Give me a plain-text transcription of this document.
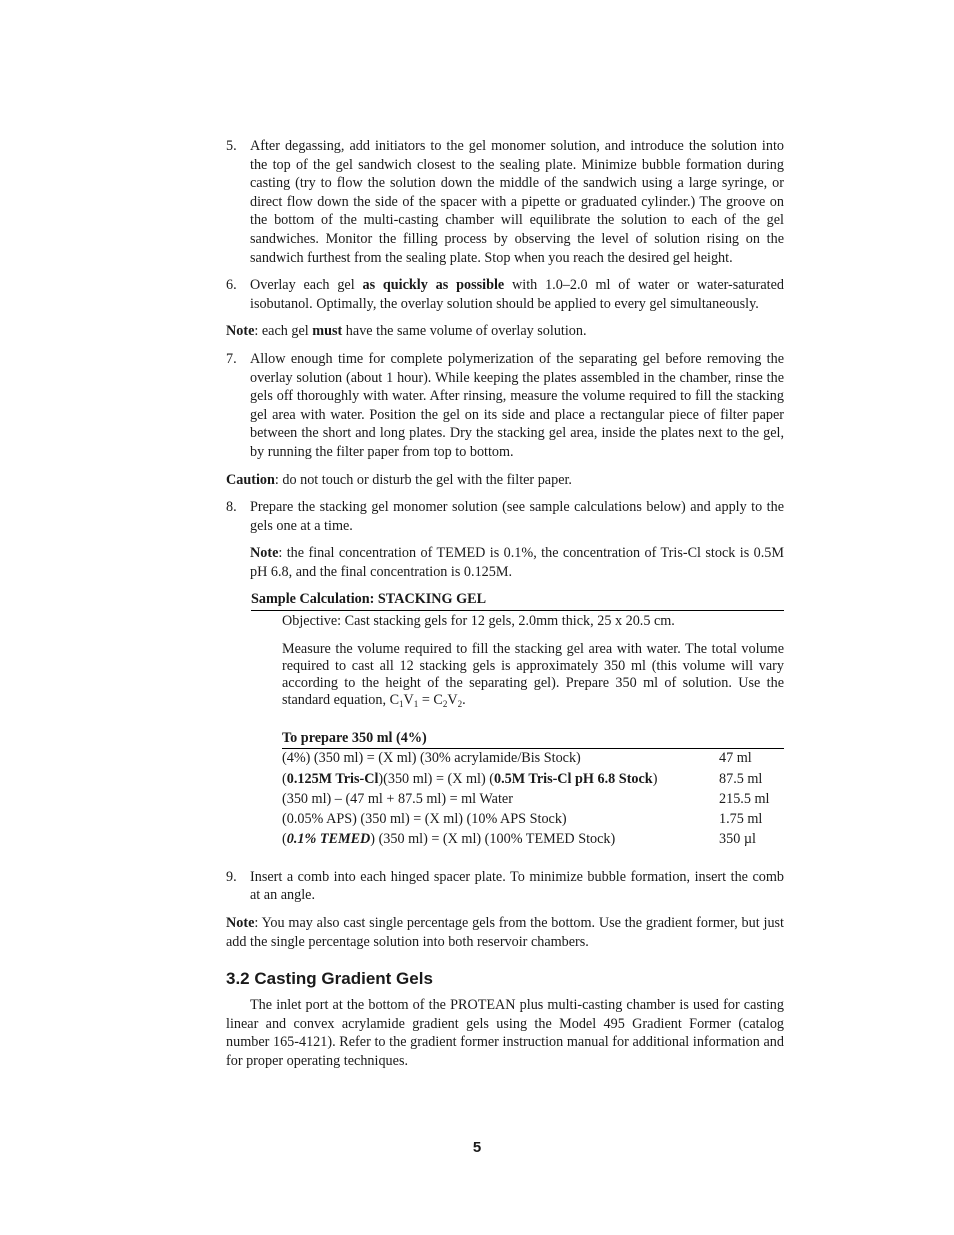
5. After degassing, add initiators to the gel monomer solution, and introduce the solution into the top of the gel sandwich closest to the sealing plate. Minimize bubble formation during casting (try to flow the solution down the middle of the sandwich using a large syringe, or direct flow down the side of the spacer with a pipette or graduated cylinder.) The groove on the bottom of the multi-casting chamber will equilibrate the solution to each of the gel sandwiches. Monitor the filling process by observing the level of solution rising on the sandwich furthest from the sealing plate. Stop when you reach the desired gel height.
6. Overlay each gel as quickly as possible with 1.0–2.0 ml of water or water-saturated isobutanol. Optimally, the overlay solution should be applied to every gel simultaneously.
Note: each gel must have the same volume of overlay solution.
7. Allow enough time for complete polymerization of the separating gel before removing the overlay solution (about 1 hour). While keeping the plates assembled in the chamber, rinse the gels off thoroughly with water. After rinsing, measure the volume required to fill the stacking gel area with water. Position the gel on its side and place a rectangular piece of filter paper between the short and long plates. Dry the stacking gel area, inside the plates next to the gel, by running the filter paper from top to bottom.
Caution: do not touch or disturb the gel with the filter paper.
8. Prepare the stacking gel monomer solution (see sample calculations below) and apply to the gels one at a time.
Note: the final concentration of TEMED is 0.1%, the concentration of Tris-Cl stock is 0.5M pH 6.8, and the final concentration is 0.125M.
Sample Calculation: STACKING GEL

Objective: Cast stacking gels for 12 gels, 2.0mm thick, 25 x 20.5 cm.

Measure the volume required to fill the stacking gel area with water. The total volume required to cast all 12 stacking gels is approximately 350 ml (this volume will vary according to the height of the separating gel). Prepare 350 ml of solution. Use the standard equation, $C_1V_1 = C_2V_2$.

To prepare 350 ml (4%)
(4%) (350 ml) = (X ml) (30% acrylamide/Bis Stock)	47 ml
(0.125M Tris-Cl)(350 ml) = (X ml) (0.5M Tris-Cl pH 6.8 Stock)	87.5 ml
(350 ml) – (47 ml + 87.5 ml) = ml Water	215.5 ml
(0.05% APS) (350 ml) = (X ml) (10% APS Stock)	1.75 ml
(0.1% TEMED) (350 ml) = (X ml) (100% TEMED Stock)	350 µl
9. Insert a comb into each hinged spacer plate. To minimize bubble formation, insert the comb at an angle.
Note: You may also cast single percentage gels from the bottom. Use the gradient former, but just add the single percentage solution into both reservoir chambers.
3.2 Casting Gradient Gels

The inlet port at the bottom of the PROTEAN plus multi-casting chamber is used for casting linear and convex acrylamide gradient gels using the Model 495 Gradient Former (catalog number 165-4121). Refer to the gradient former instruction manual for additional information and for proper operating techniques.

5
